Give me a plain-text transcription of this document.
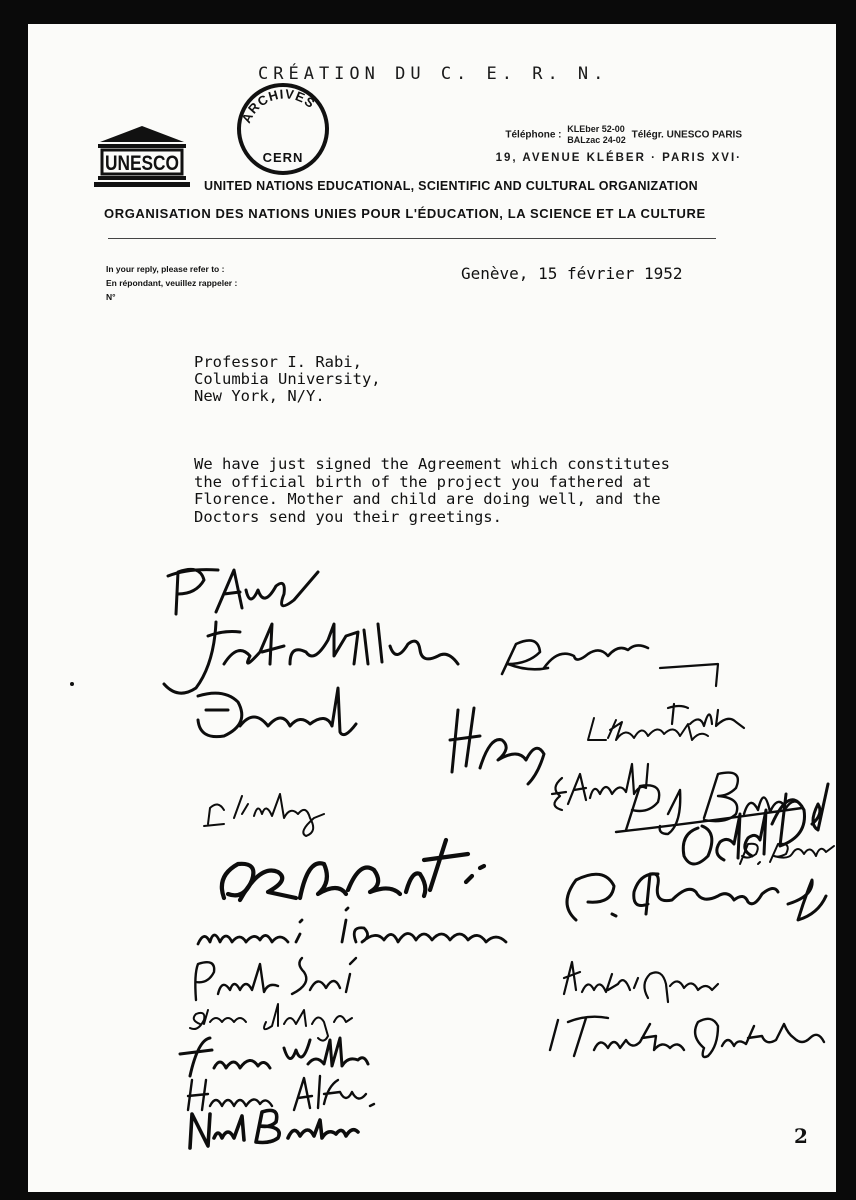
CRÉATION DU C. E. R. N.
ARCHIVES
CERN
UNESCO
Téléphone : KLEber 52-00
BALzac 24-02 Télégr. UNESCO PARIS
19, AVENUE KLÉBER · PARIS XVI·
UNITED NATIONS EDUCATIONAL, SCIENTIFIC AND CULTURAL ORGANIZATION
ORGANISATION DES NATIONS UNIES POUR L'ÉDUCATION, LA SCIENCE ET LA CULTURE
In your reply, please refer to :
En répondant, veuillez rappeler :
N°
Genève, 15 février 1952
Professor I. Rabi,
Columbia University,
New York, N/Y.
We have just signed the Agreement which constitutes
the official birth of the project you fathered at
Florence. Mother and child are doing well, and the
Doctors send you their greetings.
2
